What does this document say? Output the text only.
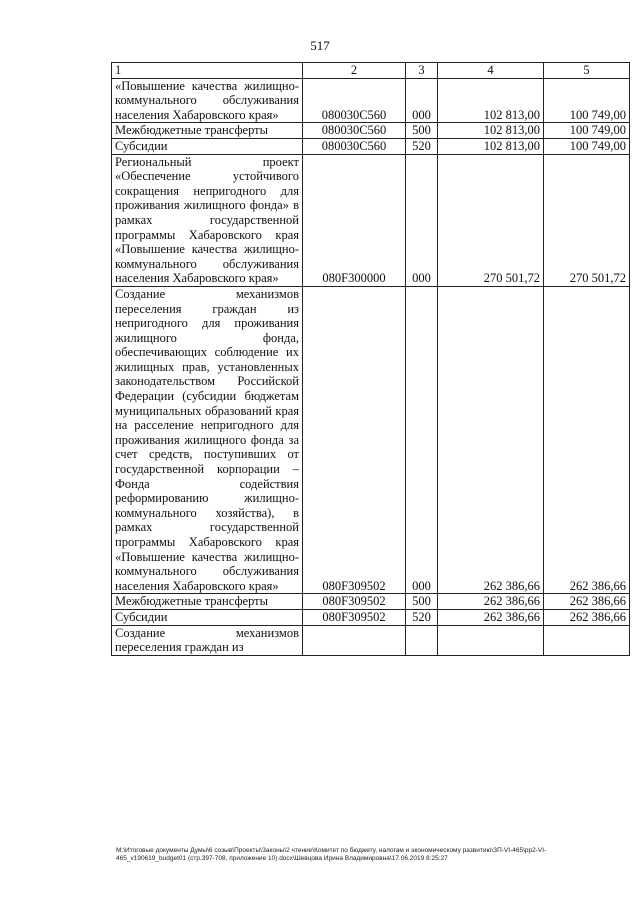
517
1	2	3	4	5
«Повышение качества жилищно-коммунального обслуживания населения Хабаровского края»	080030С560	000	102 813,00	100 749,00
Межбюджетные трансферты	080030С560	500	102 813,00	100 749,00
Субсидии	080030С560	520	102 813,00	100 749,00
Региональный проект «Обеспечение устойчивого сокращения непригодного для проживания жилищного фонда» в рамках государственной программы Хабаровского края «Повышение качества жилищно-коммунального обслуживания населения Хабаровского края»	080F300000	000	270 501,72	270 501,72
Создание механизмов переселения граждан из непригодного для проживания жилищного фонда, обеспечивающих соблюдение их жилищных прав, установленных законодательством Российской Федерации (субсидии бюджетам муниципальных образований края на расселение непригодного для проживания жилищного фонда за счет средств, поступивших от государственной корпорации – Фонда содействия реформированию жилищно-коммунального хозяйства), в рамках государственной программы Хабаровского края «Повышение качества жилищно-коммунального обслуживания населения Хабаровского края»	080F309502	000	262 386,66	262 386,66
Межбюджетные трансферты	080F309502	500	262 386,66	262 386,66
Субсидии	080F309502	520	262 386,66	262 386,66
Создание механизмов переселения граждан из				
M:\Итоговые документы Думы\6 созыв\Проекты\Законы\2 чтение\Комитет по бюджету, налогам и экономическому развитию\ЗП-VI-465\рр2-VI-465_v190619_budget01 (стр.397-708, приложение 10).docx\Шевцова Ирина Владимировна\17.06.2019 8:25:27
